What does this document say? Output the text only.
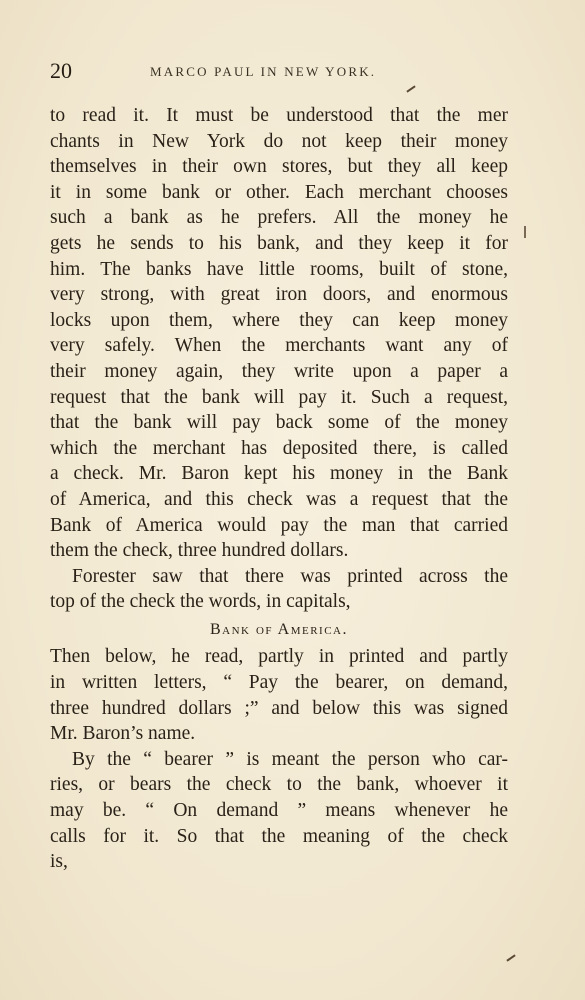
20	MARCO PAUL IN NEW YORK.
to read it. It must be understood that the mer
chants in New York do not keep their money
themselves in their own stores, but they all keep
it in some bank or other. Each merchant chooses
such a bank as he prefers. All the money he
gets he sends to his bank, and they keep it for
him. The banks have little rooms, built of stone,
very strong, with great iron doors, and enormous
locks upon them, where they can keep money
very safely. When the merchants want any of
their money again, they write upon a paper a
request that the bank will pay it. Such a request,
that the bank will pay back some of the money
which the merchant has deposited there, is called
a check. Mr. Baron kept his money in the Bank
of America, and this check was a request that the
Bank of America would pay the man that carried
them the check, three hundred dollars.
Forester saw that there was printed across the
top of the check the words, in capitals,
Bank of America.
Then below, he read, partly in printed and partly
in written letters, “ Pay the bearer, on demand,
three hundred dollars ;” and below this was signed
Mr. Baron’s name.
By the “ bearer ” is meant the person who car-
ries, or bears the check to the bank, whoever it
may be. “ On demand ” means whenever he
calls for it. So that the meaning of the check
is,
